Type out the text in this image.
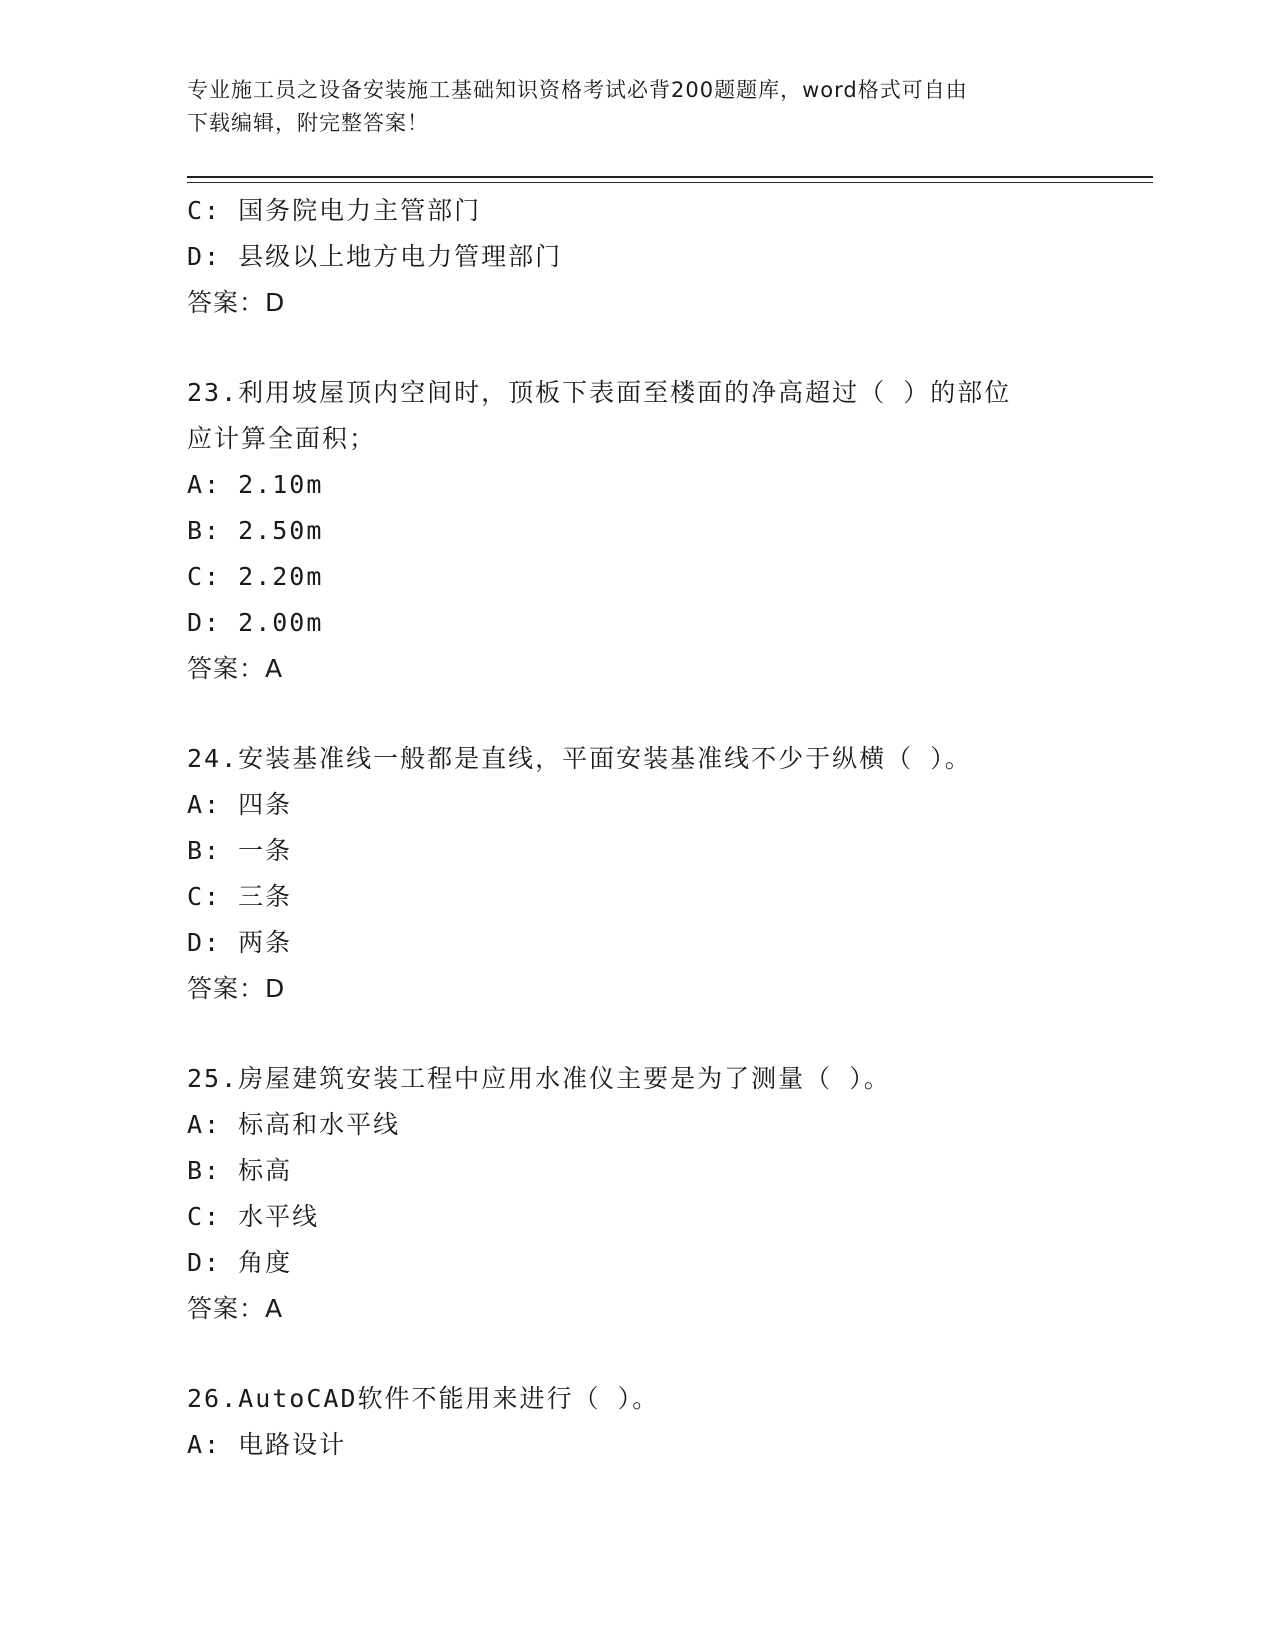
专业施工员之设备安装施工基础知识资格考试必背200题题库，word格式可自由
下载编辑，附完整答案！
C: 国务院电力主管部门
D: 县级以上地方电力管理部门
答案：D
23.利用坡屋顶内空间时，顶板下表面至楼面的净高超过（ ）的部位
应计算全面积；
A: 2.10m
B: 2.50m
C: 2.20m
D: 2.00m
答案：A
24.安装基准线一般都是直线，平面安装基准线不少于纵横（ ）。
A: 四条
B: 一条
C: 三条
D: 两条
答案：D
25.房屋建筑安装工程中应用水准仪主要是为了测量（ ）。
A: 标高和水平线
B: 标高
C: 水平线
D: 角度
答案：A
26.AutoCAD软件不能用来进行（ ）。
A: 电路设计
